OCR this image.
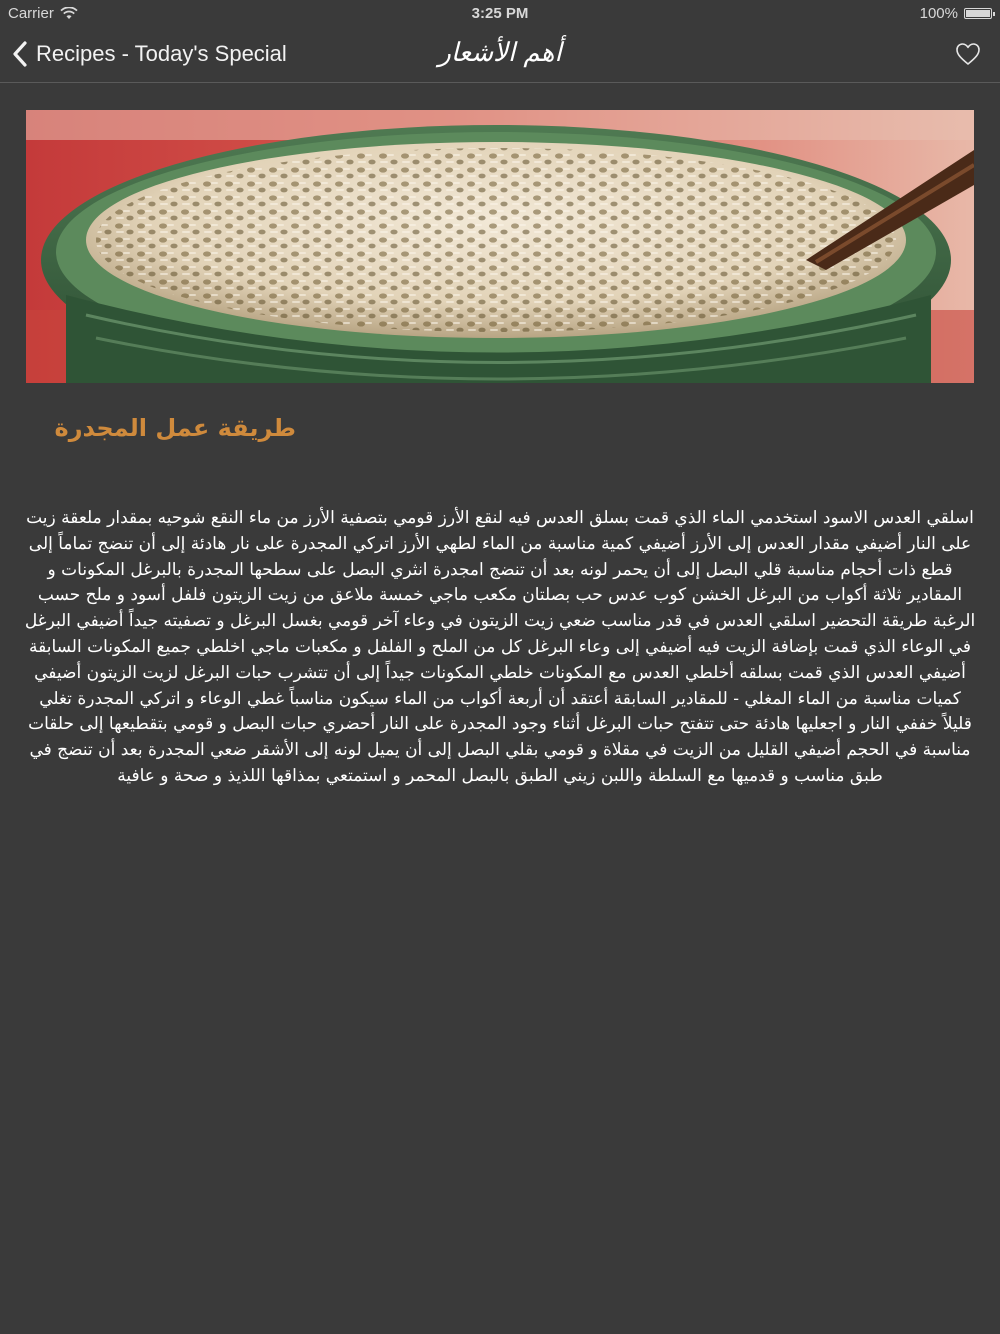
Carrier	3:25 PM	100%
Recipes - Today's Special	أهم الأشعار
طريقة عمل المجدرة
اسلقي العدس الاسود استخدمي الماء الذي قمت بسلق العدس فيه لنقع الأرز قومي بتصفية الأرز من ماء النقع شوحيه بمقدار ملعقة زيت على النار أضيفي مقدار العدس إلى الأرز أضيفي كمية مناسبة من الماء لطهي الأرز اتركي المجدرة على نار هادئة إلى أن تنضج تماماً إلى قطع ذات أحجام مناسبة قلي البصل إلى أن يحمر لونه بعد أن تنضج امجدرة انثري البصل على سطحها المجدرة بالبرغل المكونات و المقادير ثلاثة أكواب من البرغل الخشن كوب عدس حب بصلتان مكعب ماجي خمسة ملاعق من زيت الزيتون فلفل أسود و ملح حسب الرغبة طريقة التحضير اسلقي العدس في قدر مناسب ضعي زيت الزيتون في وعاء آخر قومي بغسل البرغل و تصفيته جيداً أضيفي البرغل في الوعاء الذي قمت بإضافة الزيت فيه أضيفي إلى وعاء البرغل كل من الملح و الفلفل و مكعبات ماجي اخلطي جميع المكونات السابقة أضيفي العدس الذي قمت بسلقه أخلطي العدس مع المكونات خلطي المكونات جيداً إلى أن تتشرب حبات البرغل لزيت الزيتون أضيفي كميات مناسبة من الماء المغلي - للمقادير السابقة أعتقد أن أربعة أكواب من الماء سيكون مناسباً غطي الوعاء و اتركي المجدرة تغلي قليلاً خففي النار و اجعليها هادئة حتى تتفتح حبات البرغل أثناء وجود المجدرة على النار أحضري حبات البصل و قومي بتقطيعها إلى حلقات مناسبة في الحجم أضيفي القليل من الزيت في مقلاة و قومي بقلي البصل إلى أن يميل لونه إلى الأشقر ضعي المجدرة بعد أن تنضج في طبق مناسب و قدميها مع السلطة واللبن زيني الطبق بالبصل المحمر و استمتعي بمذاقها اللذيذ و صحة و عافية
